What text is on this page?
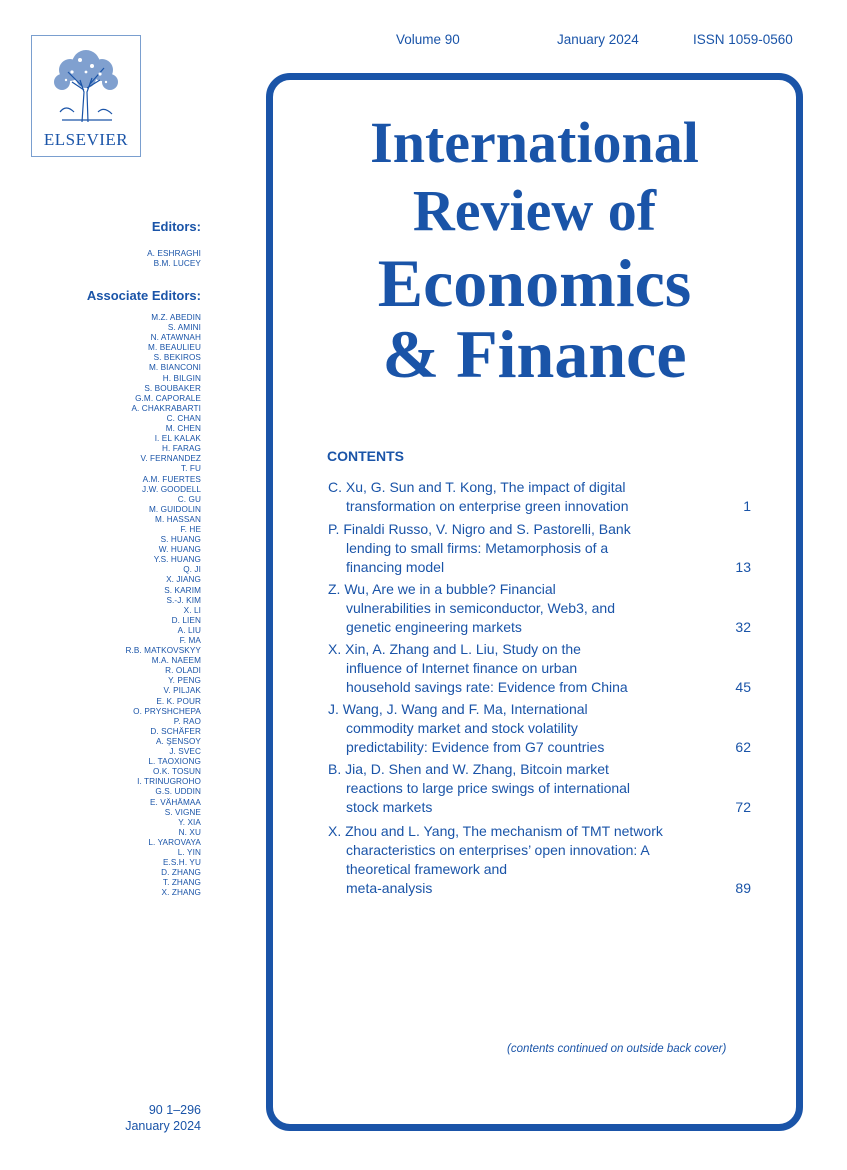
ELSEVIER
Volume 90	January 2024	ISSN 1059-0560
Editors:
A. ESHRAGHI
B.M. LUCEY
Associate Editors:
M.Z. ABEDIN
S. AMINI
N. ATAWNAH
M. BEAULIEU
S. BEKIROS
M. BIANCONI
H. BILGIN
S. BOUBAKER
G.M. CAPORALE
A. CHAKRABARTI
C. CHAN
M. CHEN
I. EL KALAK
H. FARAG
V. FERNANDEZ
T. FU
A.M. FUERTES
J.W. GOODELL
C. GU
M. GUIDOLIN
M. HASSAN
F. HE
S. HUANG
W. HUANG
Y.S. HUANG
Q. JI
X. JIANG
S. KARIM
S.-J. KIM
X. LI
D. LIEN
A. LIU
F. MA
R.B. MATKOVSKYY
M.A. NAEEM
R. OLADI
Y. PENG
V. PILJAK
E. K. POUR
O. PRYSHCHEPA
P. RAO
D. SCHÄFER
A. ŞENSOY
J. SVEC
L. TAOXIONG
O.K. TOSUN
I. TRINUGROHO
G.S. UDDIN
E. VÄHÄMAA
S. VIGNE
Y. XIA
N. XU
L. YAROVAYA
L. YIN
E.S.H. YU
D. ZHANG
T. ZHANG
X. ZHANG
90 1–296
January 2024
International
Review of
Economics
& Finance
CONTENTS
C. Xu, G. Sun and T. Kong, The impact of digital
transformation on enterprise green innovation	1
P. Finaldi Russo, V. Nigro and S. Pastorelli, Bank
lending to small firms: Metamorphosis of a
financing model	13
Z. Wu, Are we in a bubble? Financial
vulnerabilities in semiconductor, Web3, and
genetic engineering markets	32
X. Xin, A. Zhang and L. Liu, Study on the
influence of Internet finance on urban
household savings rate: Evidence from China	45
J. Wang, J. Wang and F. Ma, International
commodity market and stock volatility
predictability: Evidence from G7 countries	62
B. Jia, D. Shen and W. Zhang, Bitcoin market
reactions to large price swings of international
stock markets	72
X. Zhou and L. Yang, The mechanism of TMT network
characteristics on enterprises’ open innovation: A
theoretical framework and
meta-analysis	89
(contents continued on outside back cover)
